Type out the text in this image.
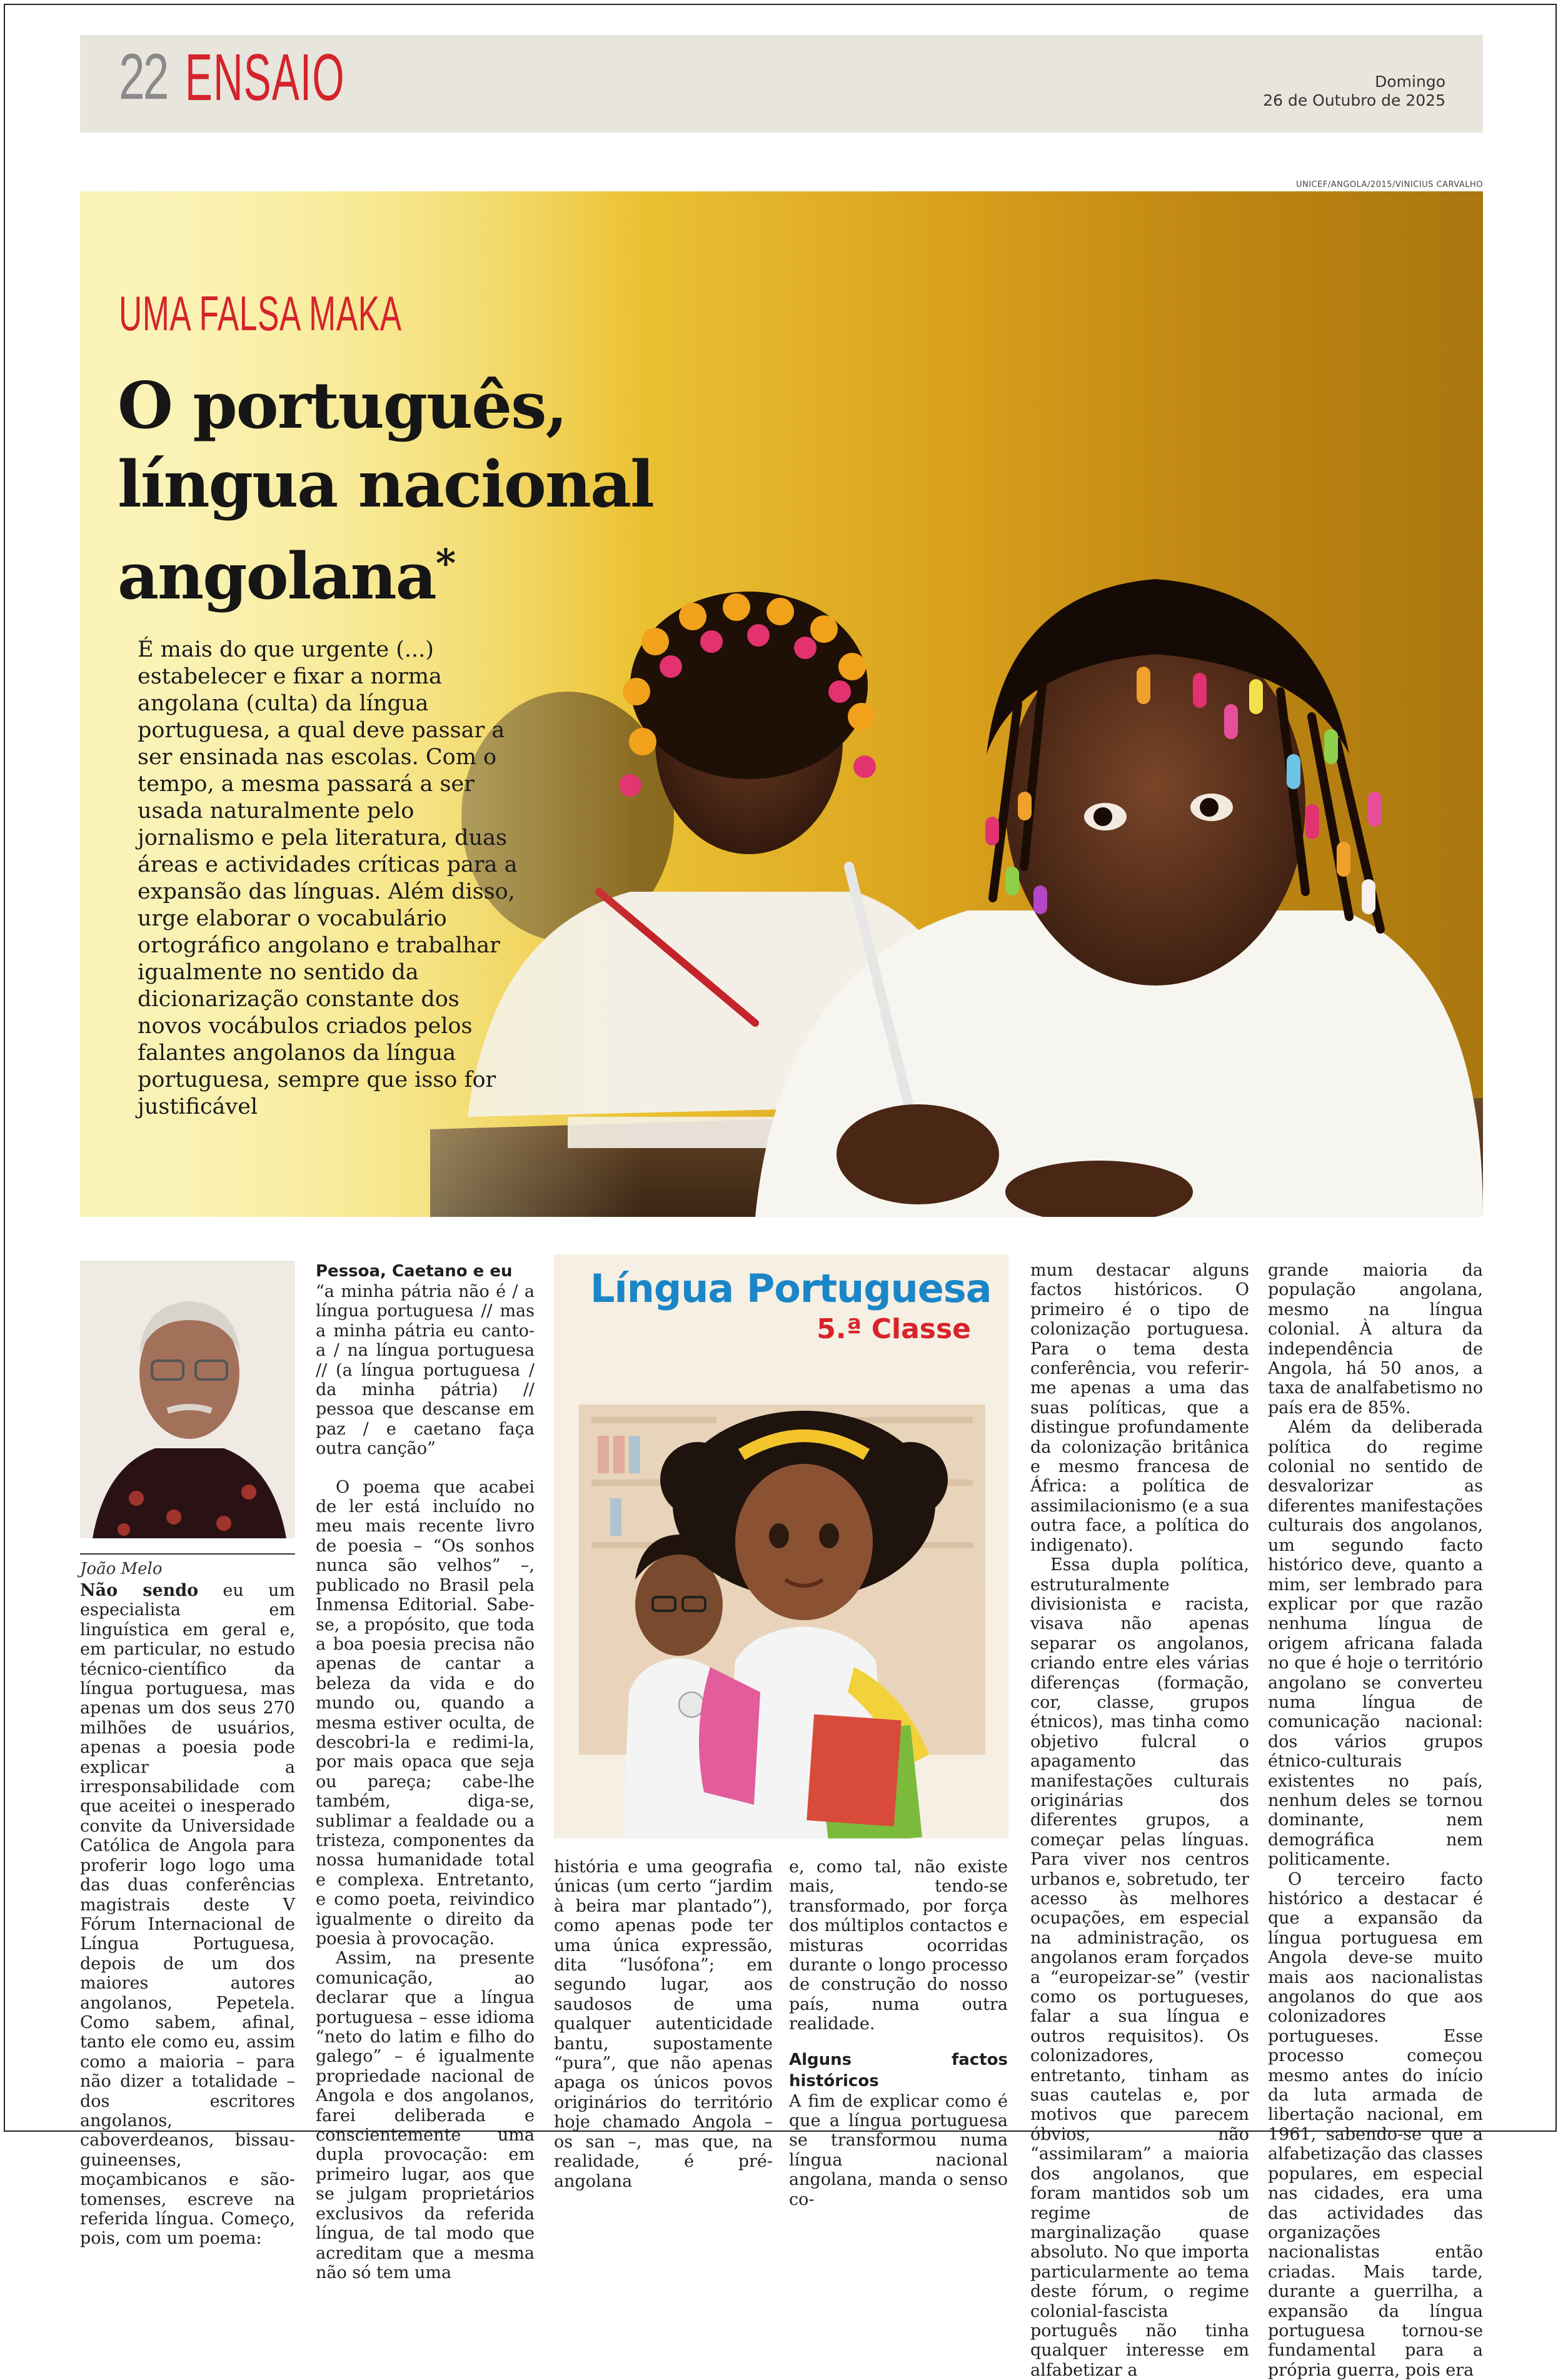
22 ENSAIO	Domingo
26 de Outubro de 2025
UNICEF/ANGOLA/2015/VINICIUS CARVALHO
UMA FALSA MAKA
O português,
língua nacional
angolana*
É mais do que urgente (...) estabelecer e fixar a norma angolana (culta) da língua portuguesa, a qual deve passar a ser ensinada nas escolas. Com o tempo, a mesma passará a ser usada naturalmente pelo jornalismo e pela literatura, duas áreas e actividades críticas para a expansão das línguas. Além disso, urge elaborar o vocabulário ortográfico angolano e trabalhar igualmente no sentido da dicionarização constante dos novos vocábulos criados pelos falantes angolanos da língua portuguesa, sempre que isso for justificável
João Melo

Não sendo eu um especialista em linguística em geral e, em particular, no estudo técnico-científico da língua portuguesa, mas apenas um dos seus 270 milhões de usuários, apenas a poesia pode explicar a irresponsabilidade com que aceitei o inesperado convite da Universidade Católica de Angola para proferir logo logo uma das duas conferências magistrais deste V Fórum Internacional de Língua Portuguesa, depois de um dos maiores autores angolanos, Pepetela. Como sabem, afinal, tanto ele como eu, assim como a maioria – para não dizer a totalidade – dos escritores angolanos, caboverdeanos, bissau-guineenses, moçambicanos e são-tomenses, escreve na referida língua. Começo, pois, com um poema:

Pessoa, Caetano e eu

“a minha pátria não é / a língua portuguesa // mas a minha pátria eu canto-a / na língua portuguesa // (a língua portuguesa / da minha pátria) // pessoa que descanse em paz / e caetano faça outra canção”

O poema que acabei de ler está incluído no meu mais recente livro de poesia – “Os sonhos nunca são velhos” –, publicado no Brasil pela Inmensa Editorial. Sabe-se, a propósito, que toda a boa poesia precisa não apenas de cantar a beleza da vida e do mundo ou, quando a mesma estiver oculta, de descobri-la e redimi-la, por mais opaca que seja ou pareça; cabe-lhe também, diga-se, sublimar a fealdade ou a tristeza, componentes da nossa humanidade total e complexa. Entretanto, e como poeta, reivindico igualmente o direito da poesia à provocação.

Assim, na presente comunicação, ao declarar que a língua portuguesa – esse idioma “neto do latim e filho do galego” – é igualmente propriedade nacional de Angola e dos angolanos, farei deliberada e conscientemente uma dupla provocação: em primeiro lugar, aos que se julgam proprietários exclusivos da referida língua, de tal modo que acreditam que a mesma não só tem uma

Língua Portuguesa
5.ª Classe

história e uma geografia únicas (um certo “jardim à beira mar plantado”), como apenas pode ter uma única expressão, dita “lusófona”; em segundo lugar, aos saudosos de uma qualquer autenticidade bantu, supostamente “pura”, que não apenas apaga os únicos povos originários do território hoje chamado Angola – os san –, mas que, na realidade, é pré-angolana

e, como tal, não existe mais, tendo-se transformado, por força dos múltiplos contactos e misturas ocorridas durante o longo processo de construção do nosso país, numa outra realidade.

Alguns factos históricos

A fim de explicar como é que a língua portuguesa se transformou numa língua nacional angolana, manda o senso co-

mum destacar alguns factos históricos. O primeiro é o tipo de colonização portuguesa. Para o tema desta conferência, vou referir-me apenas a uma das suas políticas, que a distingue profundamente da colonização britânica e mesmo francesa de África: a política de assimilacionismo (e a sua outra face, a política do indigenato).

Essa dupla política, estruturalmente divisionista e racista, visava não apenas separar os angolanos, criando entre eles várias diferenças (formação, cor, classe, grupos étnicos), mas tinha como objetivo fulcral o apagamento das manifestações culturais originárias dos diferentes grupos, a começar pelas línguas. Para viver nos centros urbanos e, sobretudo, ter acesso às melhores ocupações, em especial na administração, os angolanos eram forçados a “europeizar-se” (vestir como os portugueses, falar a sua língua e outros requisitos). Os colonizadores, entretanto, tinham as suas cautelas e, por motivos que parecem óbvios, não “assimilaram” a maioria dos angolanos, que foram mantidos sob um regime de marginalização quase absoluto. No que importa particularmente ao tema deste fórum, o regime colonial-fascista português não tinha qualquer interesse em alfabetizar a

grande maioria da população angolana, mesmo na língua colonial. À altura da independência de Angola, há 50 anos, a taxa de analfabetismo no país era de 85%.

Além da deliberada política do regime colonial no sentido de desvalorizar as diferentes manifestações culturais dos angolanos, um segundo facto histórico deve, quanto a mim, ser lembrado para explicar por que razão nenhuma língua de origem africana falada no que é hoje o território angolano se converteu numa língua de comunicação nacional: dos vários grupos étnico-culturais existentes no país, nenhum deles se tornou dominante, nem demográfica nem politicamente.

O terceiro facto histórico a destacar é que a expansão da língua portuguesa em Angola deve-se muito mais aos nacionalistas angolanos do que aos colonizadores portugueses. Esse processo começou mesmo antes do início da luta armada de libertação nacional, em 1961, sabendo-se que a alfabetização das classes populares, em especial nas cidades, era uma das actividades das organizações nacionalistas então criadas. Mais tarde, durante a guerrilha, a expansão da língua portuguesa tornou-se fundamental para a própria guerra, pois era
